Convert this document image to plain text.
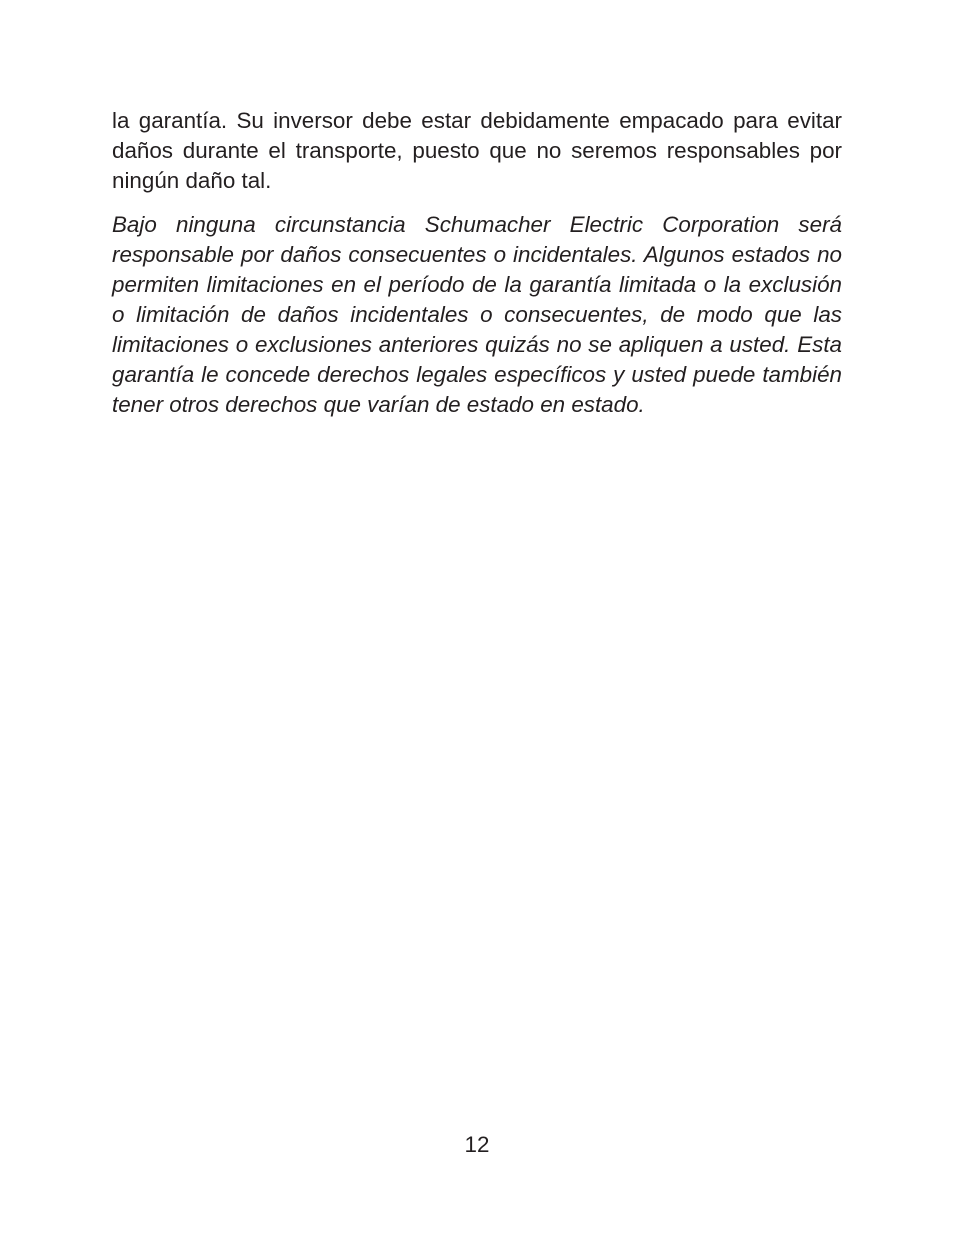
la garantía. Su inversor debe estar debidamente empacado para evitar daños durante el transporte, puesto que no seremos responsables por ningún daño tal.

Bajo ninguna circunstancia Schumacher Electric Corporation será responsable por daños consecuentes o incidentales. Algunos estados no permiten limitaciones en el período de la garantía limitada o la exclusión o limitación de daños incidentales o consecuentes, de modo que las limitaciones o exclusiones anteriores quizás no se apliquen a usted. Esta garantía le concede derechos legales específicos y usted puede también tener otros derechos que varían de estado en estado.

12
